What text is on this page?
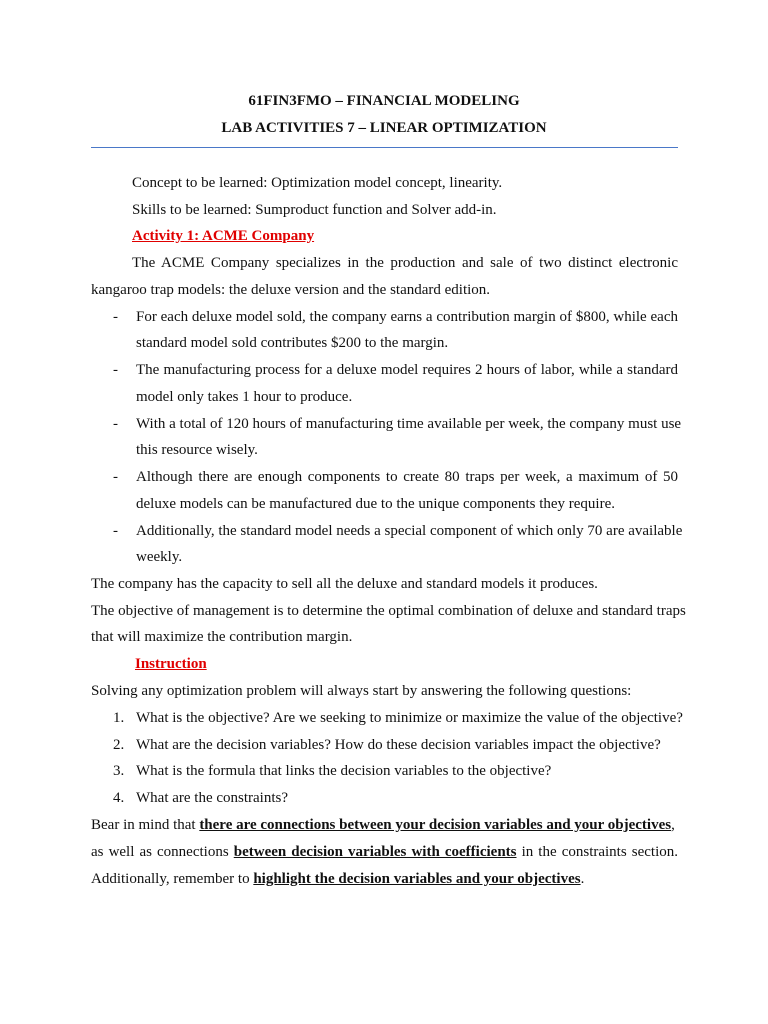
61FIN3FMO – FINANCIAL MODELING
LAB ACTIVITIES 7 – LINEAR OPTIMIZATION
Concept to be learned: Optimization model concept, linearity.
Skills to be learned: Sumproduct function and Solver add-in.
Activity 1: ACME Company
The ACME Company specializes in the production and sale of two distinct electronic
kangaroo trap models: the deluxe version and the standard edition.
- For each deluxe model sold, the company earns a contribution margin of $800, while each
standard model sold contributes $200 to the margin.
- The manufacturing process for a deluxe model requires 2 hours of labor, while a standard
model only takes 1 hour to produce.
- With a total of 120 hours of manufacturing time available per week, the company must use
this resource wisely.
- Although there are enough components to create 80 traps per week, a maximum of 50
deluxe models can be manufactured due to the unique components they require.
- Additionally, the standard model needs a special component of which only 70 are available
weekly.
The company has the capacity to sell all the deluxe and standard models it produces.
The objective of management is to determine the optimal combination of deluxe and standard traps
that will maximize the contribution margin.
Instruction
Solving any optimization problem will always start by answering the following questions:
1. What is the objective? Are we seeking to minimize or maximize the value of the objective?
2. What are the decision variables? How do these decision variables impact the objective?
3. What is the formula that links the decision variables to the objective?
4. What are the constraints?
Bear in mind that there are connections between your decision variables and your objectives,
as well as connections between decision variables with coefficients in the constraints section.
Additionally, remember to highlight the decision variables and your objectives.
